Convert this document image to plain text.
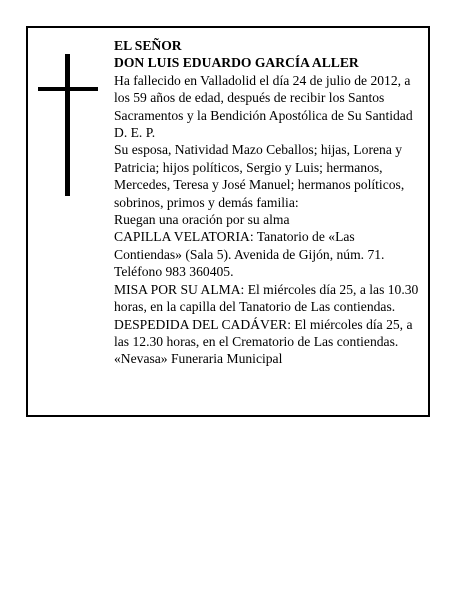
EL SEÑOR

DON LUIS EDUARDO GARCÍA ALLER

Ha fallecido en Valladolid el día 24 de julio de 2012, a los 59 años de edad, después de recibir los Santos Sacramentos y la Bendición Apostólica de Su Santidad D. E. P.

Su esposa, Natividad Mazo Ceballos; hijas, Lorena y Patricia; hijos políticos, Sergio y Luis; hermanos, Mercedes, Teresa y José Manuel; hermanos políticos, sobrinos, primos y demás familia:

Ruegan una oración por su alma

CAPILLA VELATORIA: Tanatorio de «Las Contiendas» (Sala 5). Avenida de Gijón, núm. 71. Teléfono 983 360405.

MISA POR SU ALMA: El miércoles día 25, a las 10.30 horas, en la capilla del Tanatorio de Las contiendas.

DESPEDIDA DEL CADÁVER: El miércoles día 25, a las 12.30 horas, en el Crematorio de Las contiendas.

«Nevasa» Funeraria Municipal
